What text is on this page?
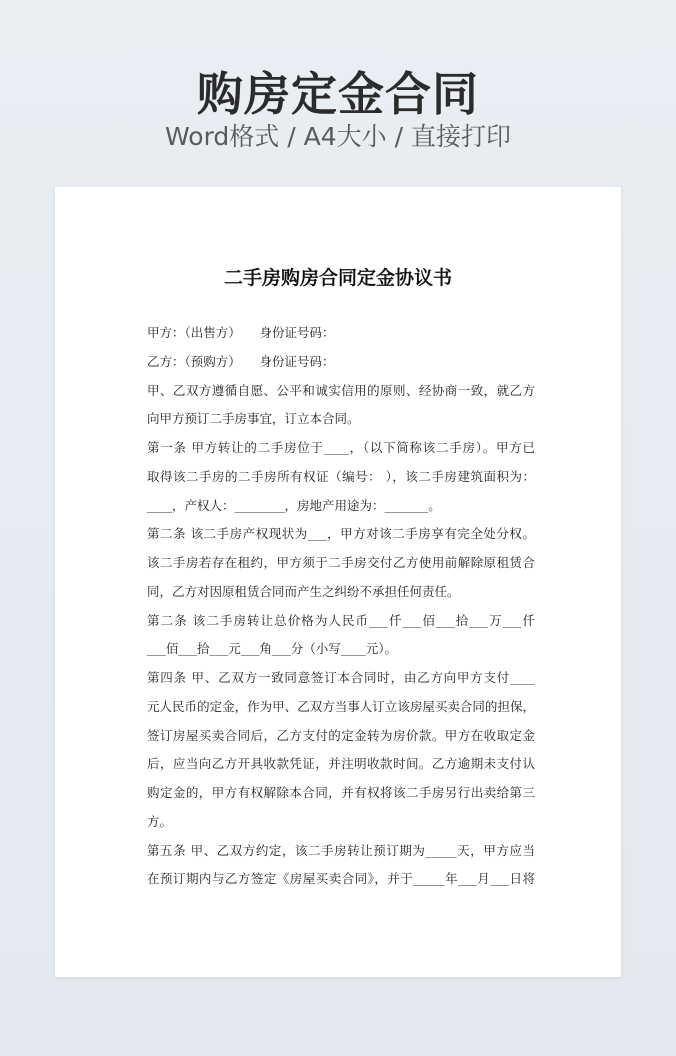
购房定金合同
Word格式 / A4大小 / 直接打印
二手房购房合同定金协议书
甲方：（出售方）　　身份证号码：
乙方：（预购方）　　身份证号码：
甲、乙双方遵循自愿、公平和诚实信用的原则、经协商一致，就乙方
向甲方预订二手房事宜，订立本合同。
第一条 甲方转让的二手房位于____，（以下简称该二手房）。甲方已
取得该二手房的二手房所有权证（编号： ），该二手房建筑面积为：
____，产权人：________，房地产用途为：_______。
第二条 该二手房产权现状为___，甲方对该二手房享有完全处分权。
该二手房若存在租约，甲方须于二手房交付乙方使用前解除原租赁合
同，乙方对因原租赁合同而产生之纠纷不承担任何责任。
第二条 该二手房转让总价格为人民币___仟___佰___拾___万___仟
___佰___拾___元___角___分（小写____元）。
第四条 甲、乙双方一致同意签订本合同时，由乙方向甲方支付____
元人民币的定金，作为甲、乙双方当事人订立该房屋买卖合同的担保，
签订房屋买卖合同后，乙方支付的定金转为房价款。甲方在收取定金
后，应当向乙方开具收款凭证，并注明收款时间。乙方逾期未支付认
购定金的，甲方有权解除本合同，并有权将该二手房另行出卖给第三
方。
第五条 甲、乙双方约定，该二手房转让预订期为_____天，甲方应当
在预订期内与乙方签定《房屋买卖合同》，并于_____年___月___日将
